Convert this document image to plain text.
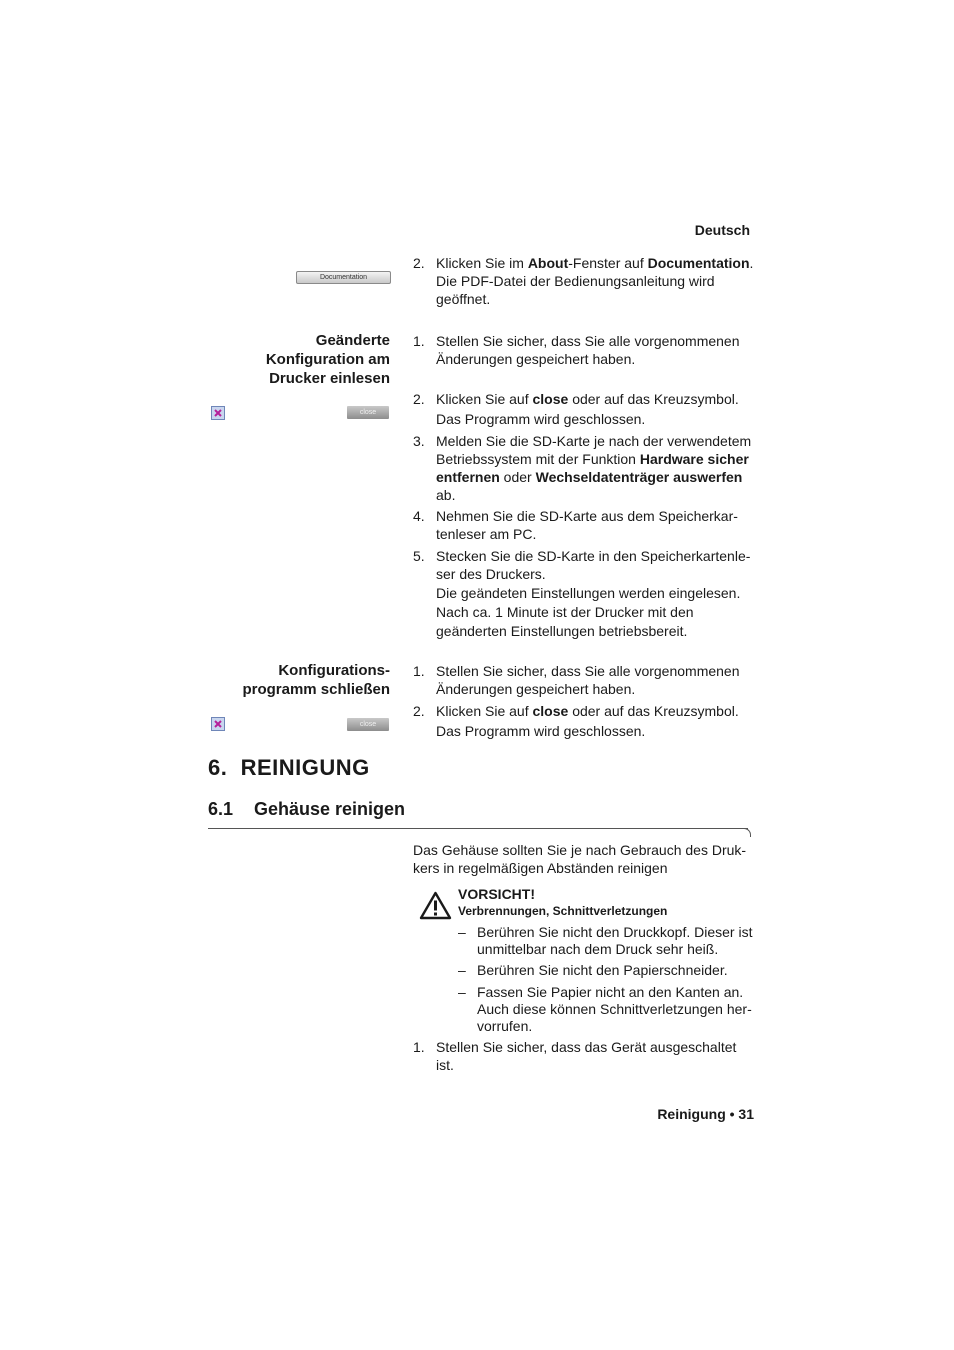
Deutsch
Documentation
2. Klicken Sie im About-Fenster auf Documentation.
Die PDF-Datei der Bedienungsanleitung wird geöffnet.
Geänderte
Konfiguration am
Drucker einlesen
close
1. Stellen Sie sicher, dass Sie alle vorgenommenen Änderungen gespeichert haben.
2. Klicken Sie auf close oder auf das Kreuzsymbol.
Das Programm wird geschlossen.
3. Melden Sie die SD-Karte je nach der verwendetem Betriebssystem mit der Funktion Hardware sicher entfernen oder Wechseldatenträger auswerfen ab.
4. Nehmen Sie die SD-Karte aus dem Speicherkar-tenleser am PC.
5. Stecken Sie die SD-Karte in den Speicherkartenle-ser des Druckers.
Die geändeten Einstellungen werden eingelesen. Nach ca. 1 Minute ist der Drucker mit den geänderten Einstellungen betriebsbereit.
Konfigurations-
programm schließen
close
1. Stellen Sie sicher, dass Sie alle vorgenommenen Änderungen gespeichert haben.
2. Klicken Sie auf close oder auf das Kreuzsymbol.
Das Programm wird geschlossen.
6.  REINIGUNG
6.1 Gehäuse reinigen
Das Gehäuse sollten Sie je nach Gebrauch des Druk-kers in regelmäßigen Abständen reinigen
VORSICHT!
Verbrennungen, Schnittverletzungen
– Berühren Sie nicht den Druckkopf. Dieser ist unmittelbar nach dem Druck sehr heiß.
– Berühren Sie nicht den Papierschneider.
– Fassen Sie Papier nicht an den Kanten an. Auch diese können Schnittverletzungen her-vorrufen.
1. Stellen Sie sicher, dass das Gerät ausgeschaltet ist.
Reinigung • 31
